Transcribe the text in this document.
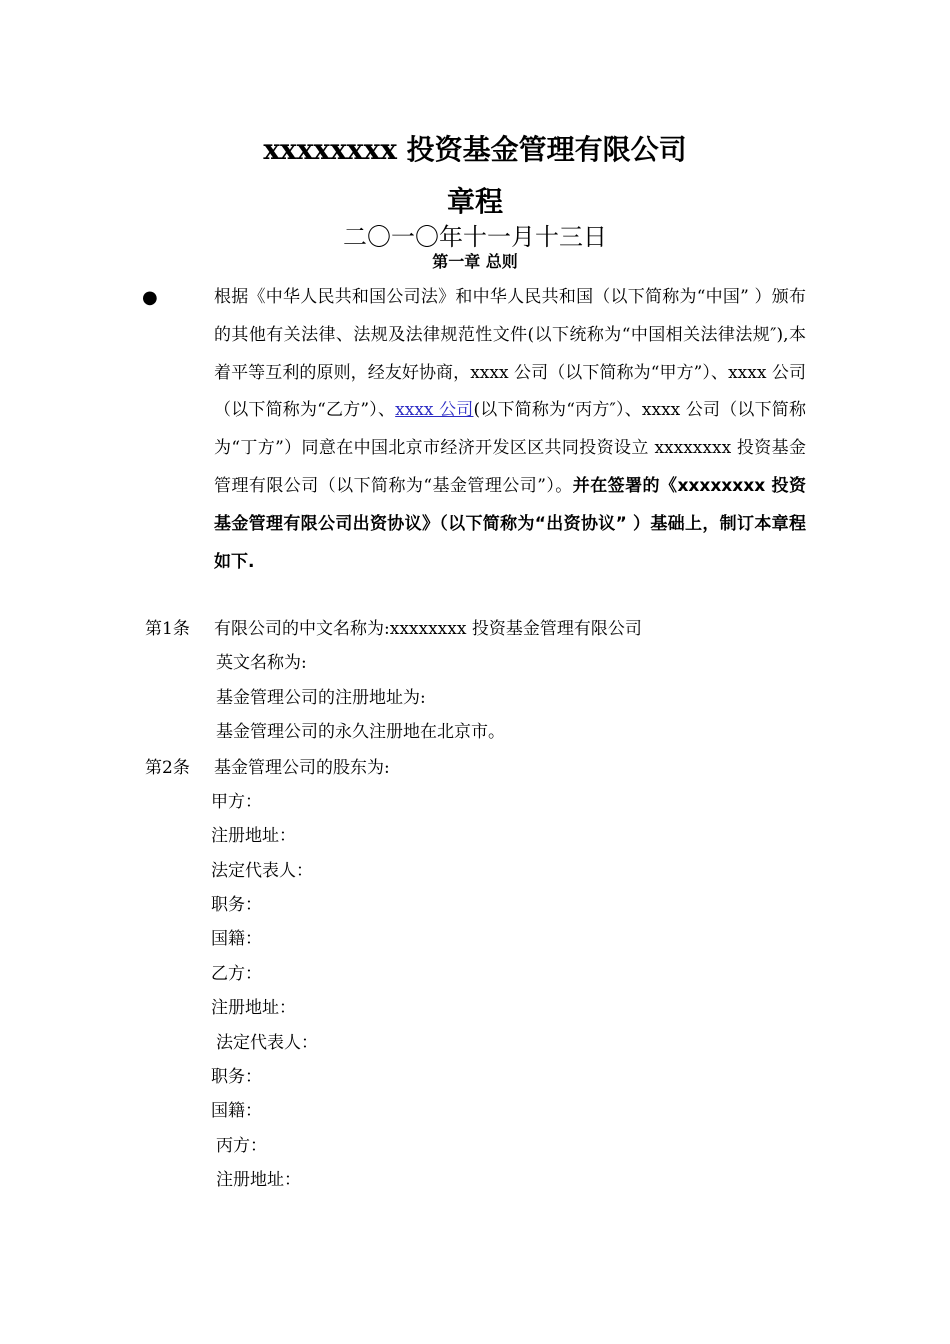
xxxxxxxx 投资基金管理有限公司
章程
二〇一〇年十一月十三日
第一章 总则
●	根据《中华人民共和国公司法》和中华人民共和国（以下简称为“中国” ）颁布的其他有关法律、法规及法律规范性文件(以下统称为“中国相关法律法规″),本着平等互利的原则，经友好协商，xxxx 公司（以下简称为“甲方”）、xxxx 公司（以下简称为“乙方”）、xxxx 公司(以下简称为“丙方″）、xxxx 公司（以下简称为“丁方”）同意在中国北京市经济开发区区共同投资设立 xxxxxxxx 投资基金管理有限公司（以下简称为“基金管理公司”）。并在签署的《xxxxxxxx 投资基金管理有限公司出资协议》（以下简称为“出资协议” ）基础上，制订本章程如下.
第1条 有限公司的中文名称为:xxxxxxxx 投资基金管理有限公司
英文名称为:
基金管理公司的注册地址为:
基金管理公司的永久注册地在北京市。
第2条 基金管理公司的股东为:
甲方：
注册地址：
法定代表人：
职务：
国籍：
乙方：
注册地址：
法定代表人：
职务：
国籍：
丙方：
注册地址：
